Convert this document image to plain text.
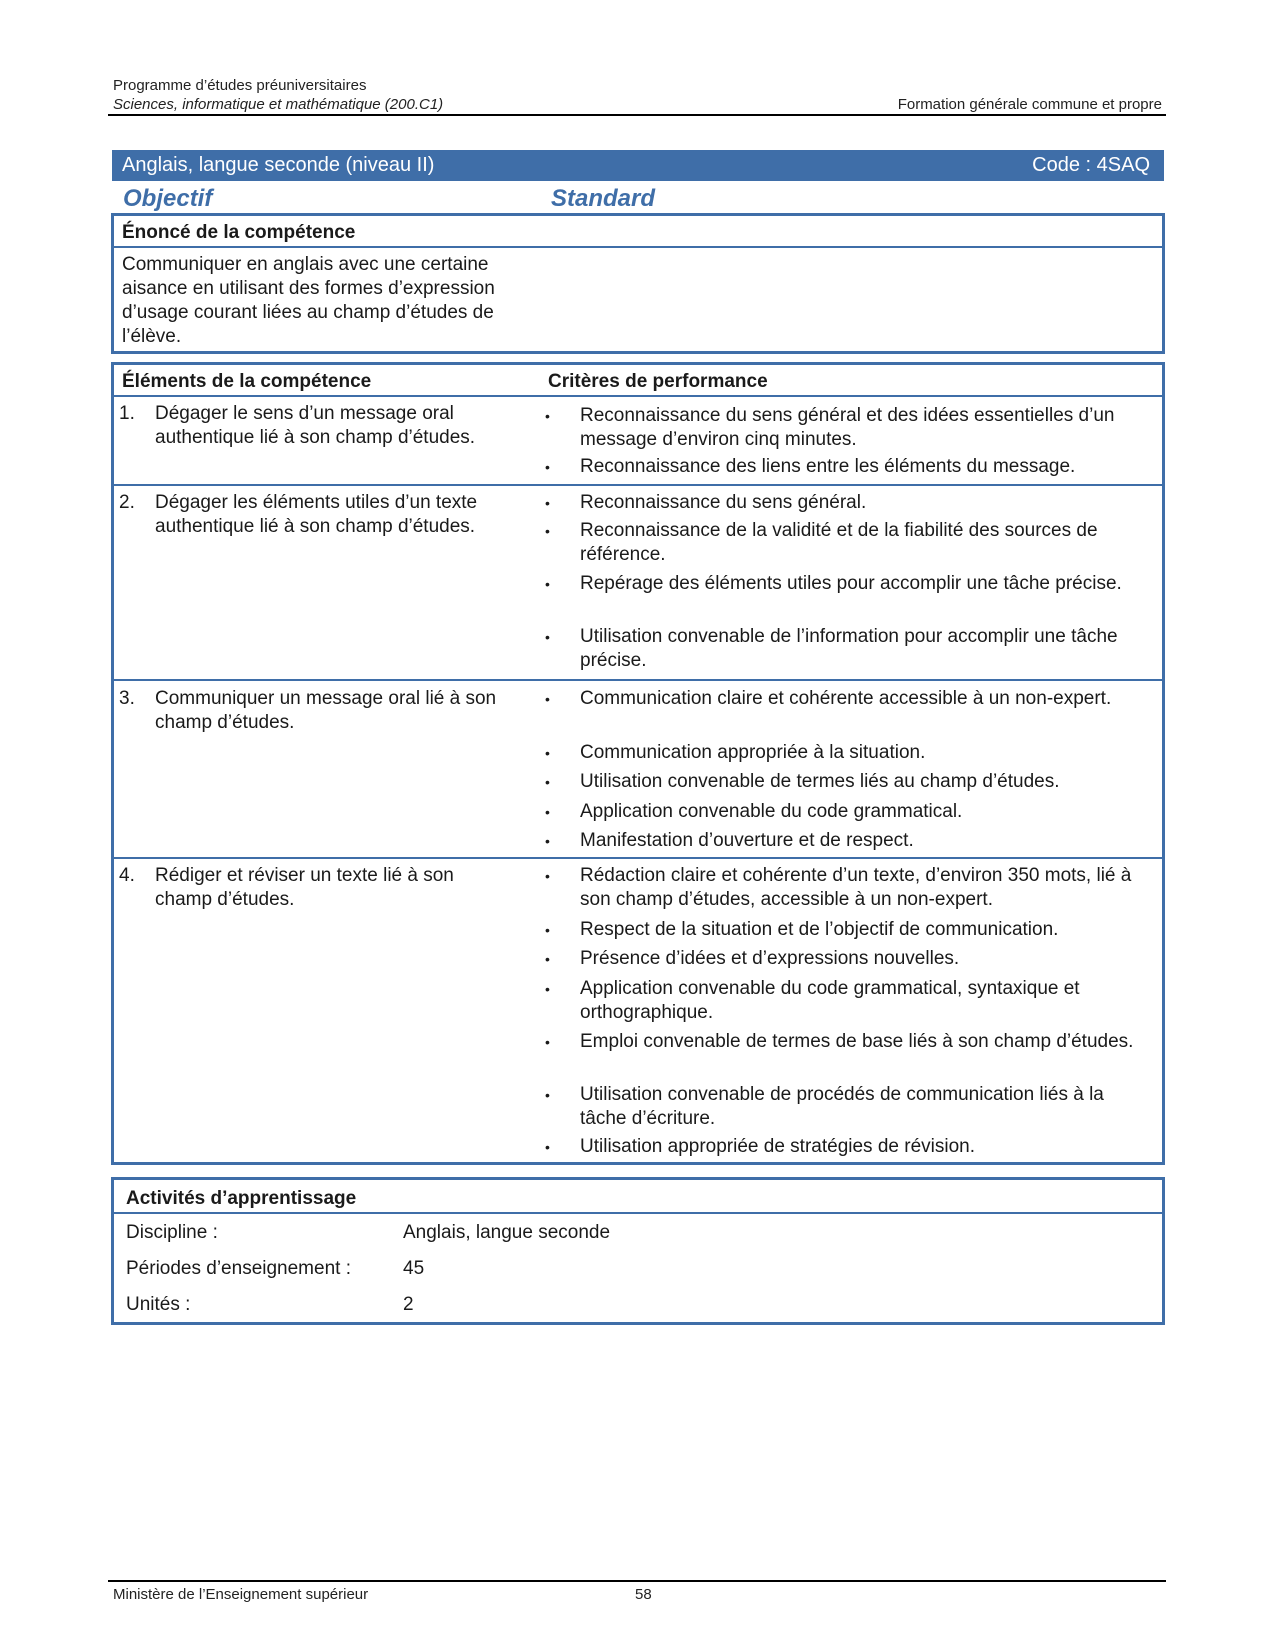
Programme d’études préuniversitaires
Sciences, informatique et mathématique (200.C1)	Formation générale commune et propre
Anglais, langue seconde (niveau II)	Code : 4SAQ
Objectif	Standard
Énoncé de la compétence
Communiquer en anglais avec une certaine aisance en utilisant des formes d’expression d’usage courant liées au champ d’études de l’élève.
Éléments de la compétence	Critères de performance
1. Dégager le sens d’un message oral authentique lié à son champ d’études.
• Reconnaissance du sens général et des idées essentielles d’un message d’environ cinq minutes.
• Reconnaissance des liens entre les éléments du message.
2. Dégager les éléments utiles d’un texte authentique lié à son champ d’études.
• Reconnaissance du sens général.
• Reconnaissance de la validité et de la fiabilité des sources de référence.
• Repérage des éléments utiles pour accomplir une tâche précise.
• Utilisation convenable de l’information pour accomplir une tâche précise.
3. Communiquer un message oral lié à son champ d’études.
• Communication claire et cohérente accessible à un non-expert.
• Communication appropriée à la situation.
• Utilisation convenable de termes liés au champ d’études.
• Application convenable du code grammatical.
• Manifestation d’ouverture et de respect.
4. Rédiger et réviser un texte lié à son champ d’études.
• Rédaction claire et cohérente d’un texte, d’environ 350 mots, lié à son champ d’études, accessible à un non-expert.
• Respect de la situation et de l’objectif de communication.
• Présence d’idées et d’expressions nouvelles.
• Application convenable du code grammatical, syntaxique et orthographique.
• Emploi convenable de termes de base liés à son champ d’études.
• Utilisation convenable de procédés de communication liés à la tâche d’écriture.
• Utilisation appropriée de stratégies de révision.
Activités d’apprentissage
Discipline :	Anglais, langue seconde
Périodes d’enseignement :	45
Unités :	2
Ministère de l’Enseignement supérieur	58
